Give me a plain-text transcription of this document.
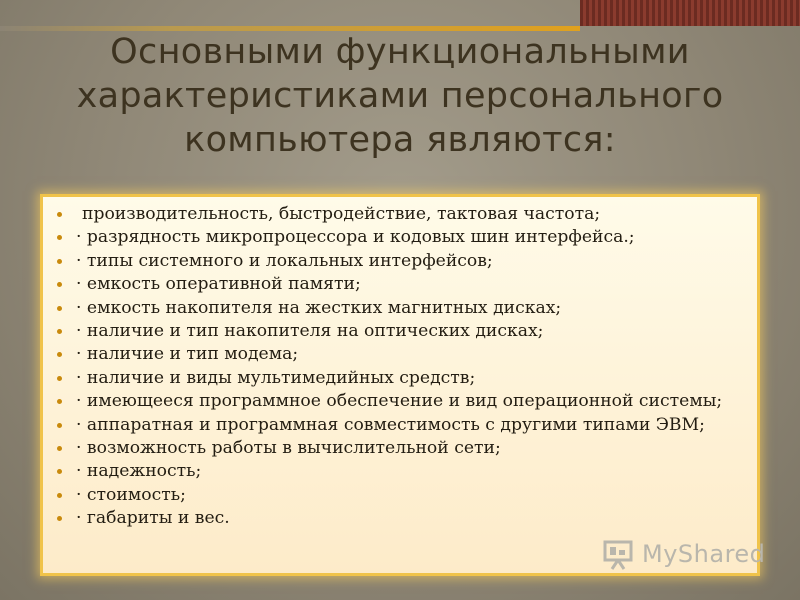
Основными функциональными характеристиками персонального компьютера являются:
производительность, быстродействие, тактовая частота;
· разрядность микропроцессора и кодовых шин интерфейса.;
· типы системного и локальных интерфейсов;
· емкость оперативной памяти;
· емкость накопителя на жестких магнитных дисках;
· наличие и тип накопителя на оптических дисках;
· наличие и тип модема;
· наличие и виды мультимедийных средств;
· имеющееся программное обеспечение и вид операционной системы;
· аппаратная и программная совместимость с другими типами ЭВМ;
· возможность работы в вычислительной сети;
· надежность;
· стоимость;
· габариты и вес.
MyShared
